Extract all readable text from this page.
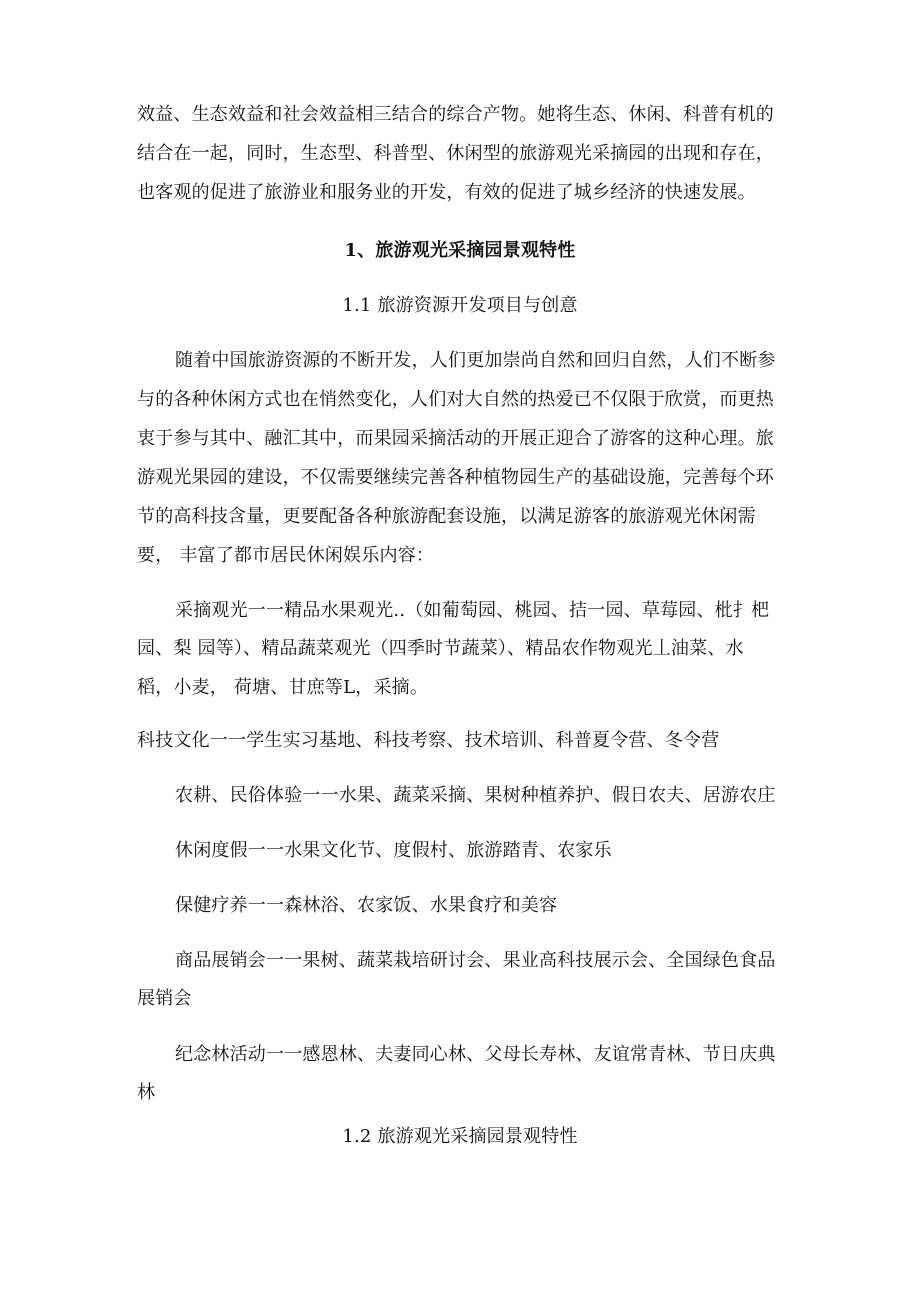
效益、生态效益和社会效益相三结合的综合产物。她将生态、休闲、科普有机的
结合在一起，同时，生态型、科普型、休闲型的旅游观光采摘园的出现和存在，
也客观的促进了旅游业和服务业的开发，有效的促进了城乡经济的快速发展。
1、旅游观光采摘园景观特性
1.1 旅游资源开发项目与创意
随着中国旅游资源的不断开发，人们更加崇尚自然和回归自然，人们不断参
与的各种休闲方式也在悄然变化，人们对大自然的热爱已不仅限于欣赏，而更热
衷于参与其中、融汇其中，而果园采摘活动的开展正迎合了游客的这种心理。旅
游观光果园的建设，不仅需要继续完善各种植物园生产的基础设施，完善每个环
节的高科技含量，更要配备各种旅游配套设施，以满足游客的旅游观光休闲需
要， 丰富了都市居民休闲娱乐内容：
采摘观光一一精品水果观光..（如葡萄园、桃园、拮一园、草莓园、枇扌杷
园、梨 园等）、精品蔬菜观光（四季时节蔬菜）、精品农作物观光丄油菜、水
稻，小麦， 荷塘、甘庶等L，采摘。
科技文化一一学生实习基地、科技考察、技术培训、科普夏令营、冬令营
农耕、民俗体验一一水果、蔬菜采摘、果树种植养护、假日农夫、居游农庄
休闲度假一一水果文化节、度假村、旅游踏青、农家乐
保健疗养一一森林浴、农家饭、水果食疗和美容
商品展销会一一果树、蔬菜栽培研讨会、果业高科技展示会、全国绿色食品
展销会
纪念林活动一一感恩林、夫妻同心林、父母长寿林、友谊常青林、节日庆典
林
1.2 旅游观光采摘园景观特性
